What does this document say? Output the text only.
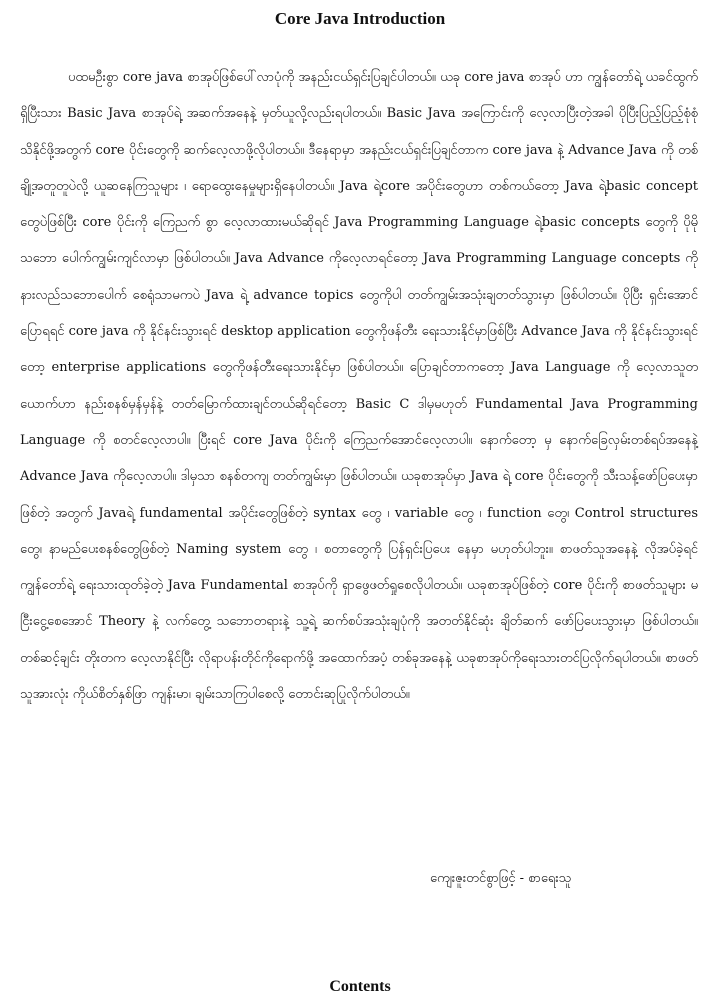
Core Java Introduction

ပထမဦးစွာ core java စာအုပ်ဖြစ်ပေါ်လာပုံကို အနည်းငယ်ရှင်းပြချင်ပါတယ်။ ယခု core java စာအုပ် ဟာ ကျွန်တော်ရဲ့ ယခင်ထွက်ရှိပြီးသား Basic Java စာအုပ်ရဲ့ အဆက်အနေနဲ့ မှတ်ယူလို့လည်းရပါတယ်။ Basic Java အကြောင်းကို လေ့လာပြီးတဲ့အခါ ပိုပြီးပြည့်ပြည့်စုံစုံ သိနိုင်ဖို့အတွက် core ပိုင်းတွေကို ဆက်လေ့လာဖို့လိုပါတယ်။ ဒီနေရာမှာ အနည်းငယ်ရှင်းပြချင်တာက core java နဲ့ Advance Java ကို တစ်ချို့အတူတူပဲလို့ ယူဆနေကြသူများ ၊ ရောထွေးနေမှုများရှိနေပါတယ်။ Java ရဲ့core အပိုင်းတွေဟာ တစ်ကယ်တော့ Java ရဲ့basic concept တွေပဲဖြစ်ပြီး core ပိုင်းကို ကြေညက် စွာ လေ့လာထားမယ်ဆိုရင် Java Programming Language ရဲ့basic concepts တွေကို ပိုမိုသဘော ပေါက်ကျွမ်းကျင်လာမှာ ဖြစ်ပါတယ်။ Java Advance ကိုလေ့လာရင်တော့ Java Programming Language concepts ကို နားလည်သဘောပေါက် စေရုံသာမကပဲ Java ရဲ့ advance topics တွေကိုပါ တတ်ကျွမ်းအသုံးချတတ်သွားမှာ ဖြစ်ပါတယ်။ ပိုပြီး ရှင်းအောင်ပြောရရင် core java ကို နိုင်နင်းသွားရင် desktop application တွေကိုဖန်တီး ရေးသားနိုင်မှာဖြစ်ပြီး Advance Java ကို နိုင်နင်းသွားရင်တော့ enterprise applications တွေကိုဖန်တီးရေးသားနိုင်မှာ ဖြစ်ပါတယ်။ ပြောချင်တာကတော့ Java Language ကို လေ့လာသူတယောက်ဟာ နည်းစနစ်မှန်မှန်နဲ့ တတ်မြောက်ထားချင်တယ်ဆိုရင်တော့ Basic C ဒါမှမဟုတ် Fundamental Java Programming Language ကို စတင်လေ့လာပါ။ ပြီးရင် core Java ပိုင်းကို ကြေညက်အောင်လေ့လာပါ။ နောက်တော့ မှ နောက်ခြေလှမ်းတစ်ရပ်အနေနဲ့ Advance Java ကိုလေ့လာပါ။ ဒါမှသာ စနစ်တကျ တတ်ကျွမ်းမှာ ဖြစ်ပါတယ်။ ယခုစာအုပ်မှာ Java ရဲ့ core ပိုင်းတွေကို သီးသန့်ဖော်ပြပေးမှာ ဖြစ်တဲ့ အတွက် Javaရဲ့ fundamental အပိုင်းတွေဖြစ်တဲ့ syntax တွေ ၊ variable တွေ ၊ function တွေ၊ Control structures တွေ၊ နာမည်ပေးစနစ်တွေဖြစ်တဲ့ Naming system တွေ ၊ စတာတွေကို ပြန်ရှင်းပြပေး နေမှာ မဟုတ်ပါဘူး။ စာဖတ်သူအနေနဲ့ လိုအပ်ခဲ့ရင် ကျွန်တော်ရဲ့ ရေးသားထုတ်ခဲ့တဲ့ Java Fundamental စာအုပ်ကို ရှာဖွေဖတ်ရှုစေလိုပါတယ်။ ယခုစာအုပ်ဖြစ်တဲ့ core ပိုင်းကို စာဖတ်သူများ မငြီးငွေ့စေအောင် Theory နဲ့ လက်တွေ့ သဘောတရားနဲ့ သူ့ရဲ့ ဆက်စပ်အသုံးချပုံကို အတတ်နိုင်ဆုံး ချိတ်ဆက် ဖော်ပြပေးသွားမှာ ဖြစ်ပါတယ်။ တစ်ဆင့်ချင်း တိုးတက လေ့လာနိုင်ပြီး လိုရာပန်းတိုင်ကိုရောက်ဖို့ အထောက်အပံ့ တစ်ခုအနေနဲ့ ယခုစာအုပ်ကိုရေးသားတင်ပြလိုက်ရပါတယ်။ စာဖတ်သူအားလုံး ကိုယ်စိတ်နှစ်ဖြာ ကျန်းမာ၊ ချမ်းသာကြပါစေလို့ တောင်းဆုပြုလိုက်ပါတယ်။

ကျေးဇူးတင်စွာဖြင့် - စာရေးသူ
Contents
